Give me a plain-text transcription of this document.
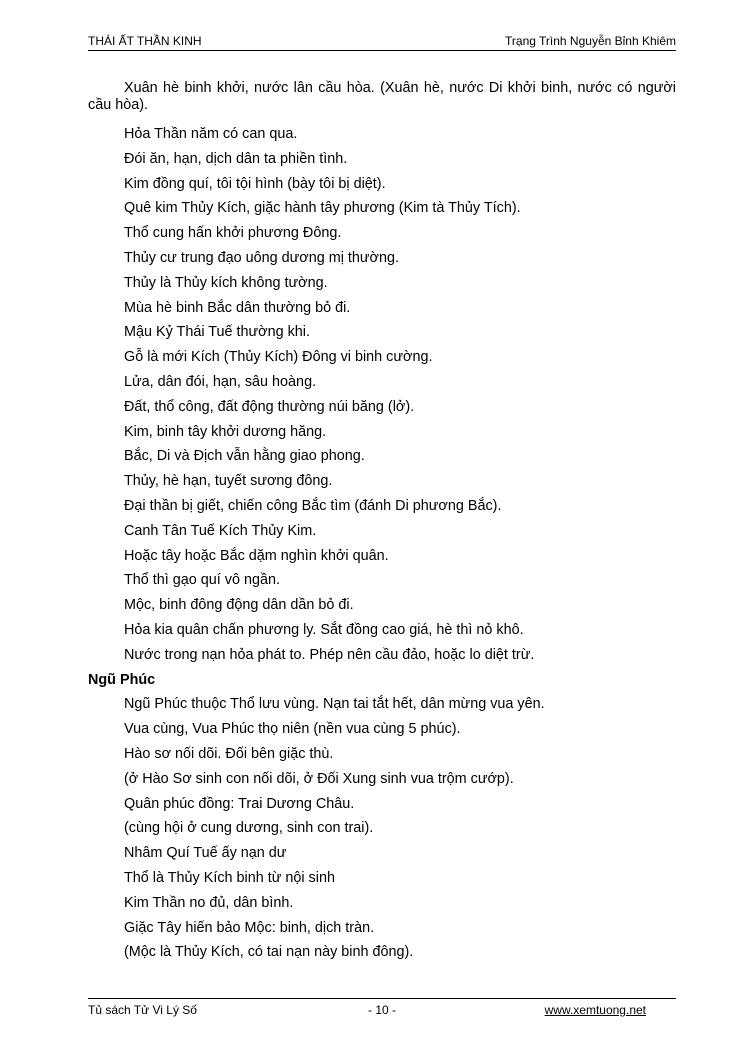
THÁI ẤT THẦN KINH	Trạng Trình Nguyễn Bỉnh Khiêm

Xuân hè binh khởi, nước lân cầu hòa. (Xuân hè, nước Di khởi binh, nước có người cầu hòa).

Hỏa Thần năm có can qua.
Đói ăn, hạn, dịch dân ta phiền tình.
Kim đồng quí, tôi tội hình (bày tôi bị diệt).
Quê kim Thủy Kích, giặc hành tây phương (Kim tà Thủy Tích).
Thổ cung hấn khởi phương Đông.
Thủy cư trung đạo uông dương mị thường.
Thủy là Thủy kích không tường.
Mùa hè binh Bắc dân thường bỏ đi.
Mậu Kỷ Thái Tuế thường khi.
Gỗ là mới Kích (Thủy Kích) Đông vi binh cường.
Lửa, dân đói, hạn, sâu hoàng.
Đất, thổ công, đất động thường núi băng (lở).
Kim, binh tây khởi dương hăng.
Bắc, Di và Địch vẫn hằng giao phong.
Thủy, hè hạn, tuyết sương đông.
Đại thần bị giết, chiến công Bắc tìm (đánh Di phương Bắc).
Canh Tân Tuế Kích Thủy Kim.
Hoặc tây hoặc Bắc dặm nghìn khởi quân.
Thổ thì gạo quí vô ngần.
Mộc, binh đông động dân dần bỏ đi.
Hỏa kia quân chấn phương ly. Sắt đồng cao giá, hè thì nỏ khô.
Nước trong nạn hỏa phát to. Phép nên cầu đảo, hoặc lo diệt trừ.
Ngũ Phúc
Ngũ Phúc thuộc Thổ lưu vùng. Nạn tai tắt hết, dân mừng vua yên.
Vua cùng, Vua Phúc thọ niên (nền vua cùng 5 phúc).
Hào sơ nối dõi. Đối bên giặc thù.
(ở Hào Sơ sinh con nối dõi, ở Đối Xung sinh vua trộm cướp).
Quân phúc đồng: Trai Dương Châu.
(cùng hội ở cung dương, sinh con trai).
Nhâm Quí Tuế ấy nạn dư
Thổ là Thủy Kích binh từ nội sinh
Kim Thần no đủ, dân bình.
Giặc Tây hiến bảo Mộc: binh, dịch tràn.
(Mộc là Thủy Kích, có tai nạn này binh đông).
Tủ sách Tử Vi Lý Số	- 10 -	www.xemtuong.net
